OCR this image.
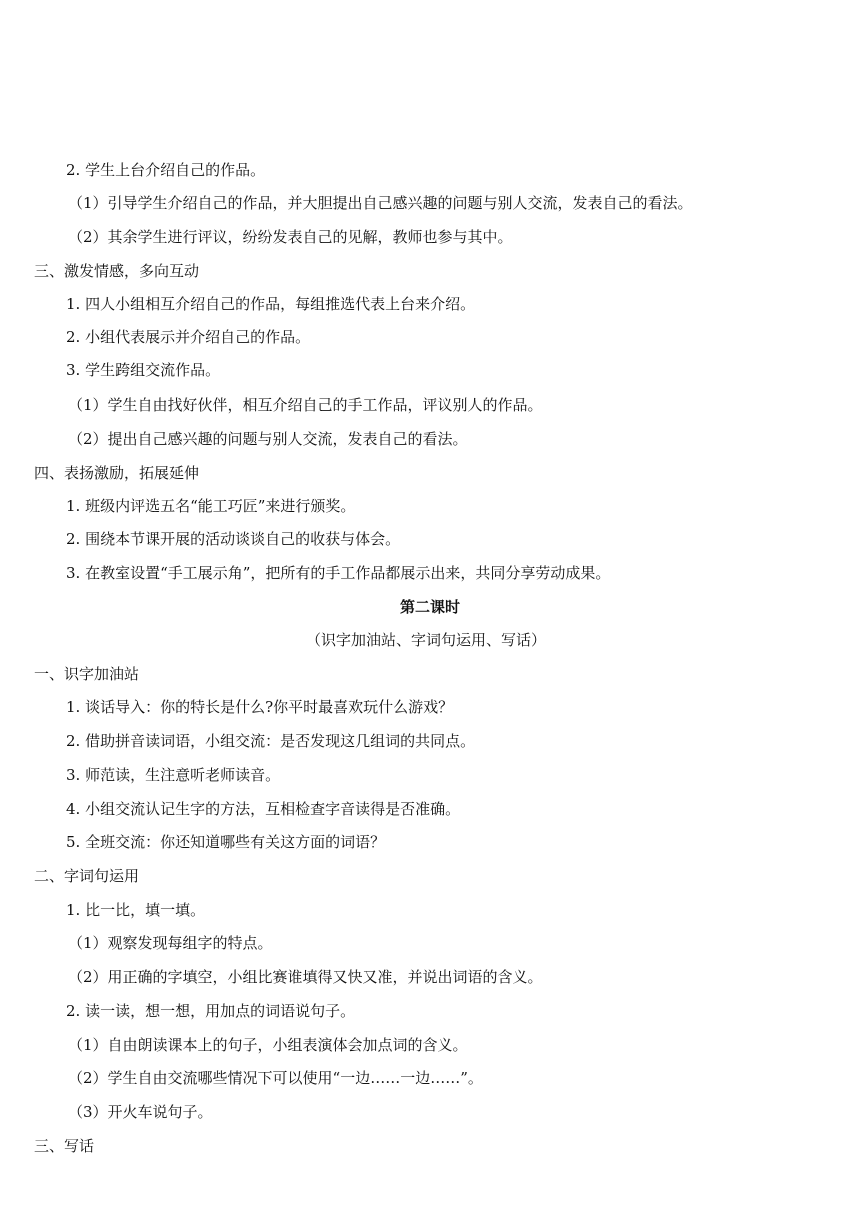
2. 学生上台介绍自己的作品。
（1）引导学生介绍自己的作品，并大胆提出自己感兴趣的问题与别人交流，发表自己的看法。
（2）其余学生进行评议，纷纷发表自己的见解，教师也参与其中。
三、激发情感，多向互动
1. 四人小组相互介绍自己的作品，每组推选代表上台来介绍。
2. 小组代表展示并介绍自己的作品。
3. 学生跨组交流作品。
（1）学生自由找好伙伴，相互介绍自己的手工作品，评议别人的作品。
（2）提出自己感兴趣的问题与别人交流，发表自己的看法。
四、表扬激励，拓展延伸
1. 班级内评选五名“能工巧匠”来进行颁奖。
2. 围绕本节课开展的活动谈谈自己的收获与体会。
3. 在教室设置“手工展示角”，把所有的手工作品都展示出来，共同分享劳动成果。
第二课时
（识字加油站、字词句运用、写话）
一、识字加油站
1. 谈话导入：你的特长是什么?你平时最喜欢玩什么游戏？
2. 借助拼音读词语，小组交流：是否发现这几组词的共同点。
3. 师范读，生注意听老师读音。
4. 小组交流认记生字的方法，互相检查字音读得是否准确。
5. 全班交流：你还知道哪些有关这方面的词语？
二、字词句运用
1. 比一比，填一填。
（1）观察发现每组字的特点。
（2）用正确的字填空，小组比赛谁填得又快又准，并说出词语的含义。
2. 读一读，想一想，用加点的词语说句子。
（1）自由朗读课本上的句子，小组表演体会加点词的含义。
（2）学生自由交流哪些情况下可以使用“一边……一边……”。
（3）开火车说句子。
三、写话
